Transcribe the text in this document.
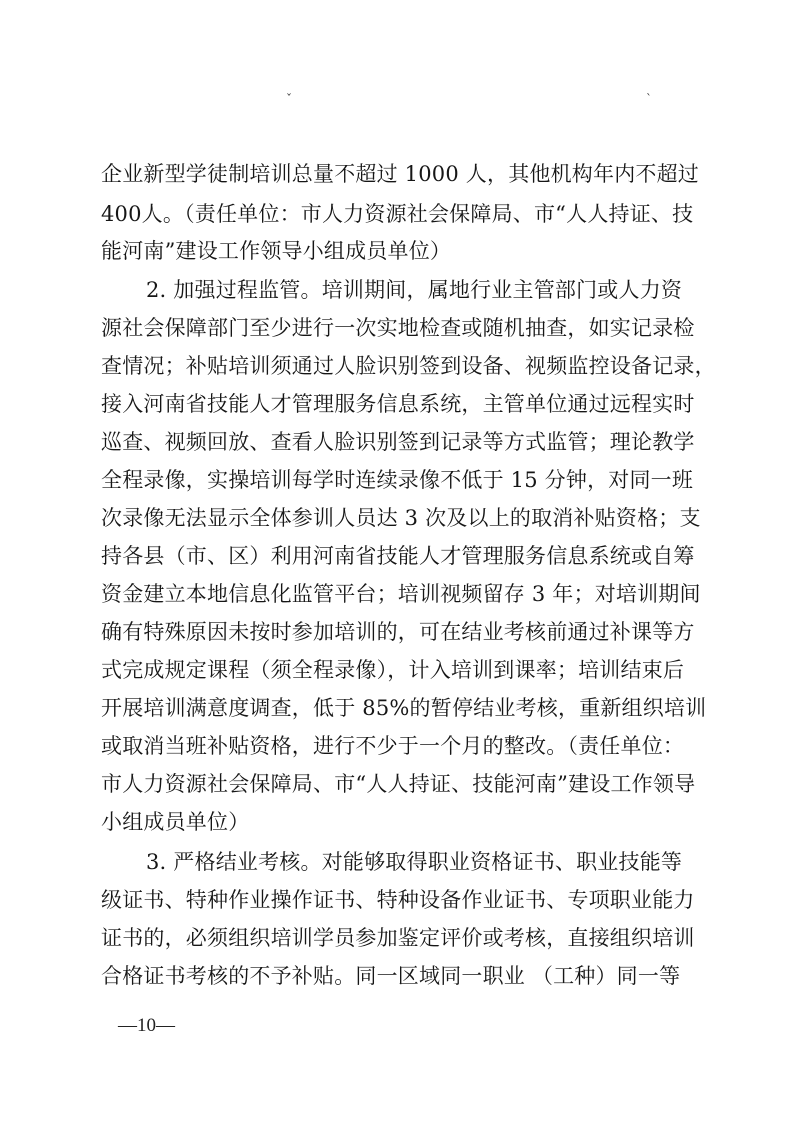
ˇ	ˋ
企业新型学徒制培训总量不超过 1000 人，其他机构年内不超过
400人。（责任单位：市人力资源社会保障局、市“人人持证、技
能河南”建设工作领导小组成员单位）
2. 加强过程监管。培训期间，属地行业主管部门或人力资
源社会保障部门至少进行一次实地检查或随机抽查，如实记录检
查情况；补贴培训须通过人脸识别签到设备、视频监控设备记录，
接入河南省技能人才管理服务信息系统，主管单位通过远程实时
巡查、视频回放、查看人脸识别签到记录等方式监管；理论教学
全程录像，实操培训每学时连续录像不低于 15 分钟，对同一班
次录像无法显示全体参训人员达 3 次及以上的取消补贴资格；支
持各县（市、区）利用河南省技能人才管理服务信息系统或自筹
资金建立本地信息化监管平台；培训视频留存 3 年；对培训期间
确有特殊原因未按时参加培训的，可在结业考核前通过补课等方
式完成规定课程（须全程录像），计入培训到课率；培训结束后
开展培训满意度调查，低于 85%的暂停结业考核，重新组织培训
或取消当班补贴资格，进行不少于一个月的整改。（责任单位：
市人力资源社会保障局、市“人人持证、技能河南”建设工作领导
小组成员单位）
3. 严格结业考核。对能够取得职业资格证书、职业技能等
级证书、特种作业操作证书、特种设备作业证书、专项职业能力
证书的，必须组织培训学员参加鉴定评价或考核，直接组织培训
合格证书考核的不予补贴。同一区域同一职业 （工种）同一等
—10—
